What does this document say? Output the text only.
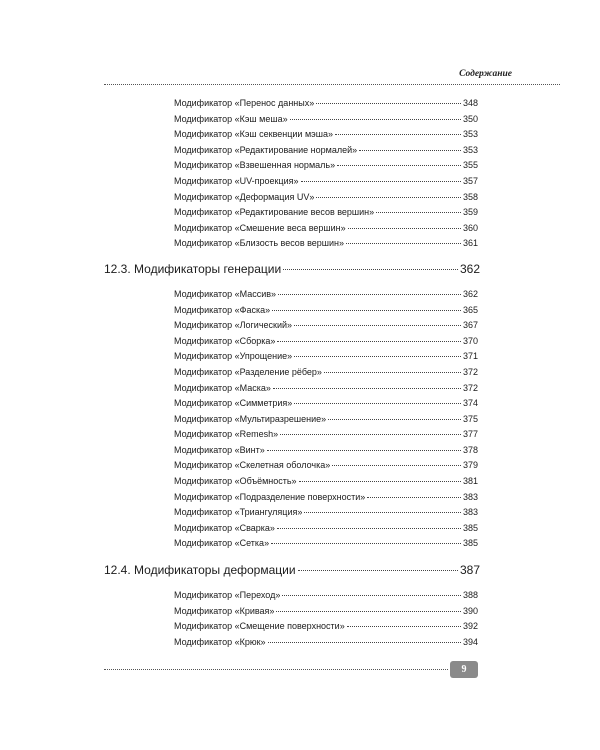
Содержание
Модификатор «Перенос данных»	348
Модификатор «Кэш меша»	350
Модификатор «Кэш секвенции мэша»	353
Модификатор «Редактирование нормалей»	353
Модификатор «Взвешенная нормаль»	355
Модификатор «UV-проекция»	357
Модификатор «Деформация UV»	358
Модификатор «Редактирование весов вершин»	359
Модификатор «Смешение веса вершин»	360
Модификатор «Близость весов вершин»	361
12.3. Модификаторы генерации	362
Модификатор «Массив»	362
Модификатор «Фаска»	365
Модификатор «Логический»	367
Модификатор «Сборка»	370
Модификатор «Упрощение»	371
Модификатор «Разделение рёбер»	372
Модификатор «Маска»	372
Модификатор «Симметрия»	374
Модификатор «Мультиразрешение»	375
Модификатор «Remesh»	377
Модификатор «Винт»	378
Модификатор «Скелетная оболочка»	379
Модификатор «Объёмность»	381
Модификатор «Подразделение поверхности»	383
Модификатор «Триангуляция»	383
Модификатор «Сварка»	385
Модификатор «Сетка»	385
12.4. Модификаторы деформации	387
Модификатор «Переход»	388
Модификатор «Кривая»	390
Модификатор «Смещение поверхности»	392
Модификатор «Крюк»	394
9
